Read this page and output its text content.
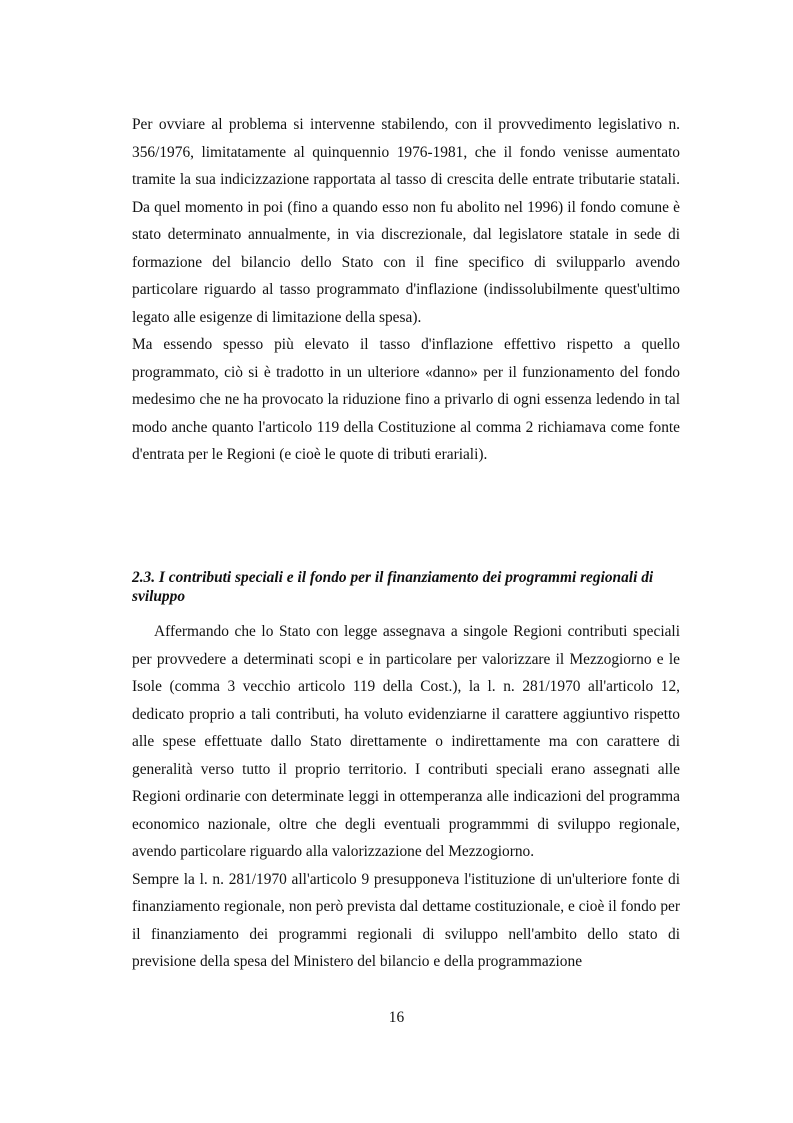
Per ovviare al problema si intervenne stabilendo, con il provvedimento legislativo n. 356/1976, limitatamente al quinquennio 1976-1981, che il fondo venisse aumentato tramite la sua indicizzazione rapportata al tasso di crescita delle entrate tributarie statali. Da quel momento in poi (fino a quando esso non fu abolito nel 1996) il fondo comune è stato determinato annualmente, in via discrezionale, dal legislatore statale in sede di formazione del bilancio dello Stato con il fine specifico di svilupparlo avendo particolare riguardo al tasso programmato d'inflazione (indissolubilmente quest'ultimo legato alle esigenze di limitazione della spesa).

Ma essendo spesso più elevato il tasso d'inflazione effettivo rispetto a quello programmato, ciò si è tradotto in un ulteriore «danno» per il funzionamento del fondo medesimo che ne ha provocato la riduzione fino a privarlo di ogni essenza ledendo in tal modo anche quanto l'articolo 119 della Costituzione al comma 2 richiamava come fonte d'entrata per le Regioni (e cioè le quote di tributi erariali).

2.3. I contributi speciali e il fondo per il finanziamento dei programmi regionali di sviluppo

Affermando che lo Stato con legge assegnava a singole Regioni contributi speciali per provvedere a determinati scopi e in particolare per valorizzare il Mezzogiorno e le Isole (comma 3 vecchio articolo 119 della Cost.), la l. n. 281/1970 all'articolo 12, dedicato proprio a tali contributi, ha voluto evidenziarne il carattere aggiuntivo rispetto alle spese effettuate dallo Stato direttamente o indirettamente ma con carattere di generalità verso tutto il proprio territorio. I contributi speciali erano assegnati alle Regioni ordinarie con determinate leggi in ottemperanza alle indicazioni del programma economico nazionale, oltre che degli eventuali programmmi di sviluppo regionale, avendo particolare riguardo alla valorizzazione del Mezzogiorno.

Sempre la l. n. 281/1970 all'articolo 9 presupponeva l'istituzione di un'ulteriore fonte di finanziamento regionale, non però prevista dal dettame costituzionale, e cioè il fondo per il finanziamento dei programmi regionali di sviluppo nell'ambito dello stato di previsione della spesa del Ministero del bilancio e della programmazione

16
